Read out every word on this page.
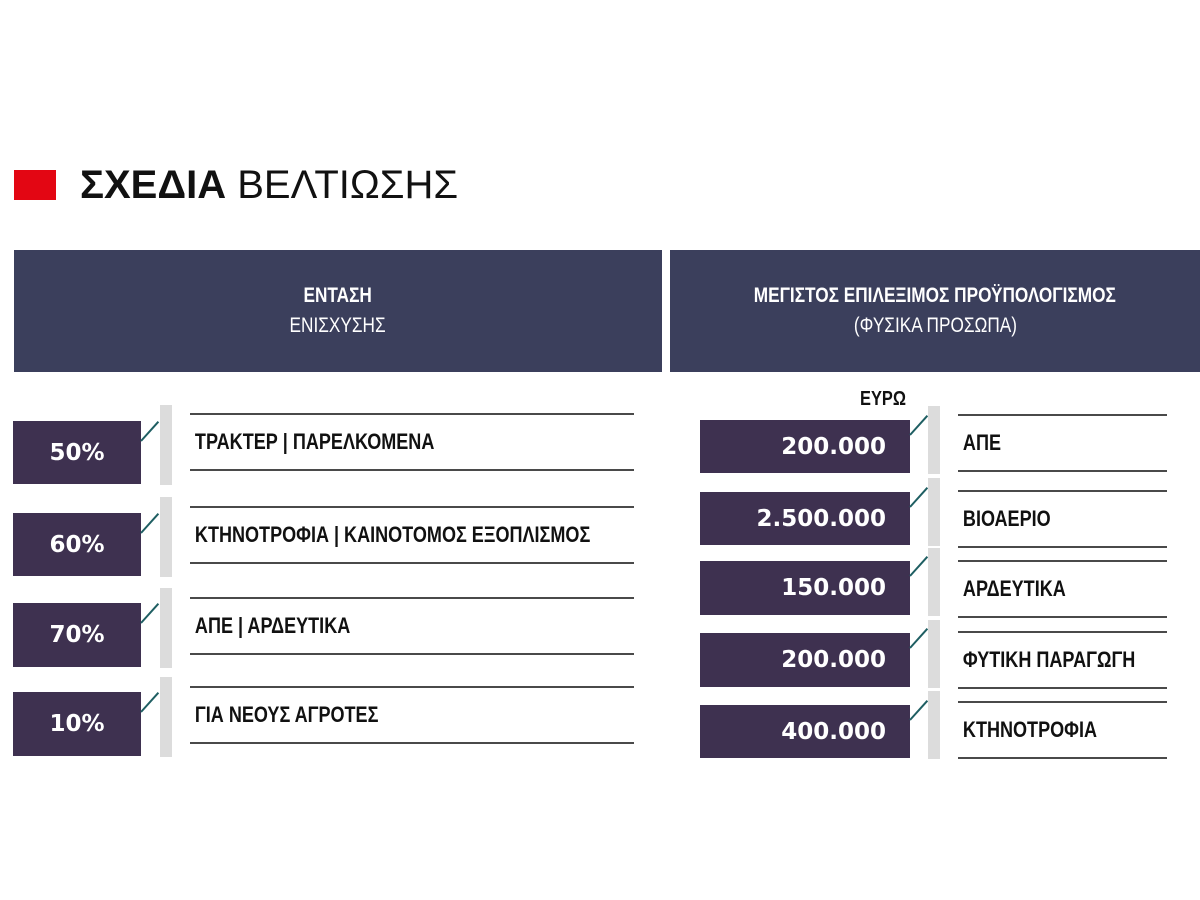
ΣΧΕΔΙΑ ΒΕΛΤΙΩΣΗΣ
ΕΝΤΑΣΗ
ΕΝΙΣΧΥΣΗΣ
ΜΕΓΙΣΤΟΣ ΕΠΙΛΕΞΙΜΟΣ ΠΡΟΫΠΟΛΟΓΙΣΜΟΣ
(ΦΥΣΙΚΑ ΠΡΟΣΩΠΑ)
50%	ΤΡΑΚΤΕΡ | ΠΑΡΕΛΚΟΜΕΝΑ
60%	ΚΤΗΝΟΤΡΟΦΙΑ | ΚΑΙΝΟΤΟΜΟΣ ΕΞΟΠΛΙΣΜΟΣ
70%	ΑΠΕ | ΑΡΔΕΥΤΙΚΑ
10%	ΓΙΑ ΝΕΟΥΣ ΑΓΡΟΤΕΣ
ΕΥΡΩ
200.000	ΑΠΕ
2.500.000	ΒΙΟΑΕΡΙΟ
150.000	ΑΡΔΕΥΤΙΚΑ
200.000	ΦΥΤΙΚΗ ΠΑΡΑΓΩΓΗ
400.000	ΚΤΗΝΟΤΡΟΦΙΑ
